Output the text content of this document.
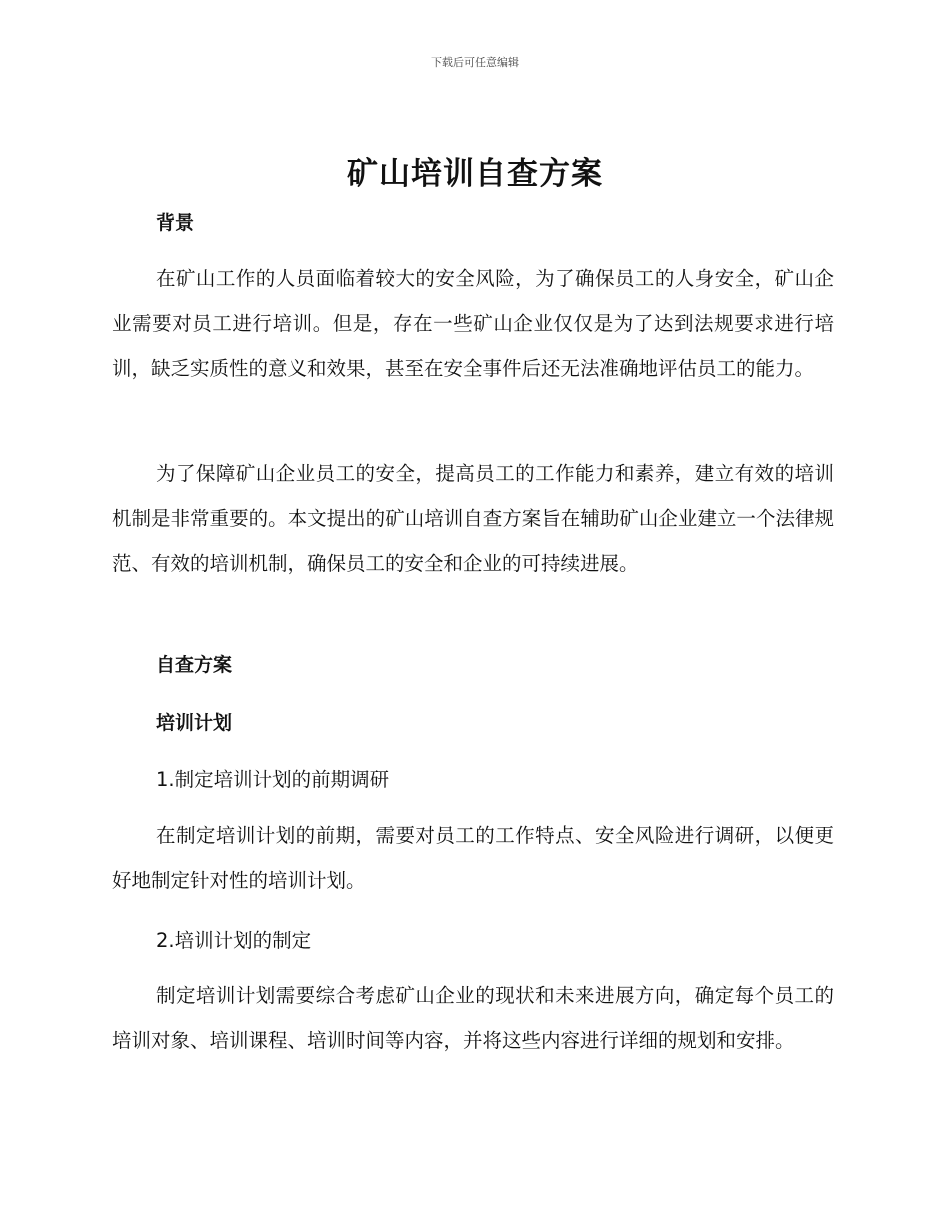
下载后可任意编辑
矿山培训自查方案
背景

在矿山工作的人员面临着较大的安全风险，为了确保员工的人身安全，矿山企业需要对员工进行培训。但是，存在一些矿山企业仅仅是为了达到法规要求进行培训，缺乏实质性的意义和效果，甚至在安全事件后还无法准确地评估员工的能力。

为了保障矿山企业员工的安全，提高员工的工作能力和素养，建立有效的培训机制是非常重要的。本文提出的矿山培训自查方案旨在辅助矿山企业建立一个法律规范、有效的培训机制，确保员工的安全和企业的可持续进展。

自查方案
培训计划

1.制定培训计划的前期调研

在制定培训计划的前期，需要对员工的工作特点、安全风险进行调研，以便更好地制定针对性的培训计划。

2.培训计划的制定

制定培训计划需要综合考虑矿山企业的现状和未来进展方向，确定每个员工的培训对象、培训课程、培训时间等内容，并将这些内容进行详细的规划和安排。
